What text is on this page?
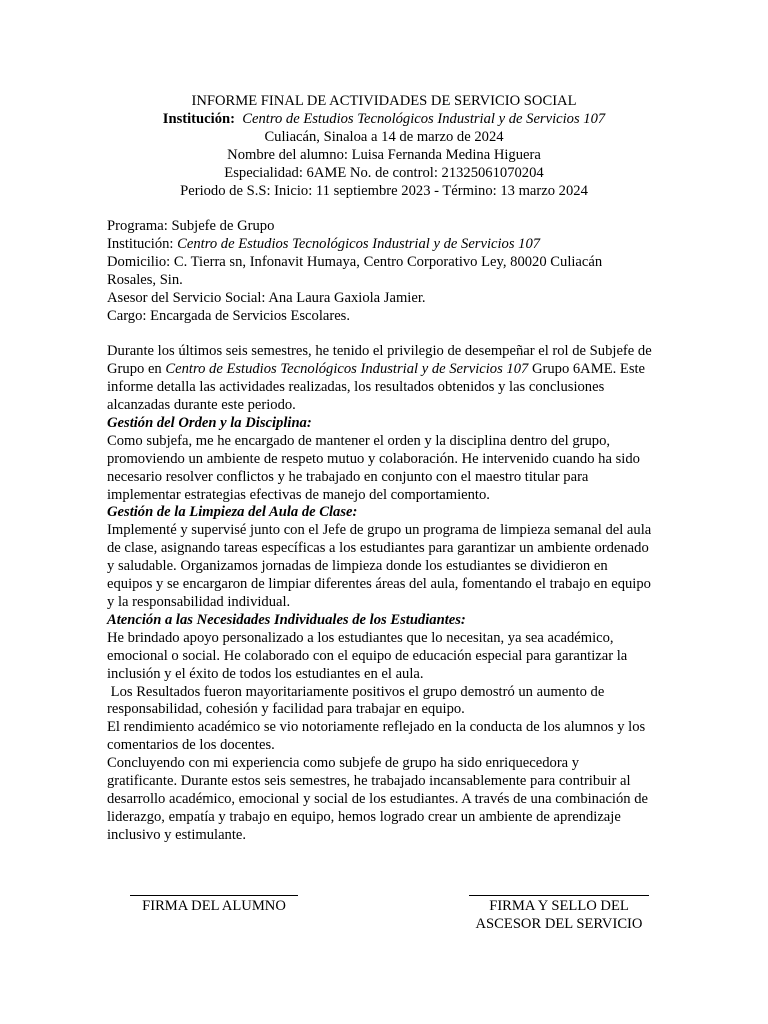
INFORME FINAL DE ACTIVIDADES DE SERVICIO SOCIAL
Institución: Centro de Estudios Tecnológicos Industrial y de Servicios 107
Culiacán, Sinaloa a 14 de marzo de 2024
Nombre del alumno: Luisa Fernanda Medina Higuera
Especialidad: 6AME No. de control: 21325061070204
Periodo de S.S: Inicio: 11 septiembre 2023 - Término: 13 marzo 2024

Programa: Subjefe de Grupo

Institución: Centro de Estudios Tecnológicos Industrial y de Servicios 107

Domicilio: C. Tierra sn, Infonavit Humaya, Centro Corporativo Ley, 80020 Culiacán Rosales, Sin.

Asesor del Servicio Social: Ana Laura Gaxiola Jamier.

Cargo: Encargada de Servicios Escolares.

Durante los últimos seis semestres, he tenido el privilegio de desempeñar el rol de Subjefe de Grupo en Centro de Estudios Tecnológicos Industrial y de Servicios 107 Grupo 6AME. Este informe detalla las actividades realizadas, los resultados obtenidos y las conclusiones alcanzadas durante este periodo.

Gestión del Orden y la Disciplina:

Como subjefa, me he encargado de mantener el orden y la disciplina dentro del grupo, promoviendo un ambiente de respeto mutuo y colaboración. He intervenido cuando ha sido necesario resolver conflictos y he trabajado en conjunto con el maestro titular para implementar estrategias efectivas de manejo del comportamiento.

Gestión de la Limpieza del Aula de Clase:

Implementé y supervisé junto con el Jefe de grupo un programa de limpieza semanal del aula de clase, asignando tareas específicas a los estudiantes para garantizar un ambiente ordenado y saludable. Organizamos jornadas de limpieza donde los estudiantes se dividieron en equipos y se encargaron de limpiar diferentes áreas del aula, fomentando el trabajo en equipo y la responsabilidad individual.

Atención a las Necesidades Individuales de los Estudiantes:

He brindado apoyo personalizado a los estudiantes que lo necesitan, ya sea académico, emocional o social. He colaborado con el equipo de educación especial para garantizar la inclusión y el éxito de todos los estudiantes en el aula.

Los Resultados fueron mayoritariamente positivos el grupo demostró un aumento de responsabilidad, cohesión y facilidad para trabajar en equipo.

El rendimiento académico se vio notoriamente reflejado en la conducta de los alumnos y los comentarios de los docentes.

Concluyendo con mi experiencia como subjefe de grupo ha sido enriquecedora y gratificante. Durante estos seis semestres, he trabajado incansablemente para contribuir al desarrollo académico, emocional y social de los estudiantes. A través de una combinación de liderazgo, empatía y trabajo en equipo, hemos logrado crear un ambiente de aprendizaje inclusivo y estimulante.

FIRMA DEL ALUMNO	FIRMA Y SELLO DEL
ASCESOR DEL SERVICIO
